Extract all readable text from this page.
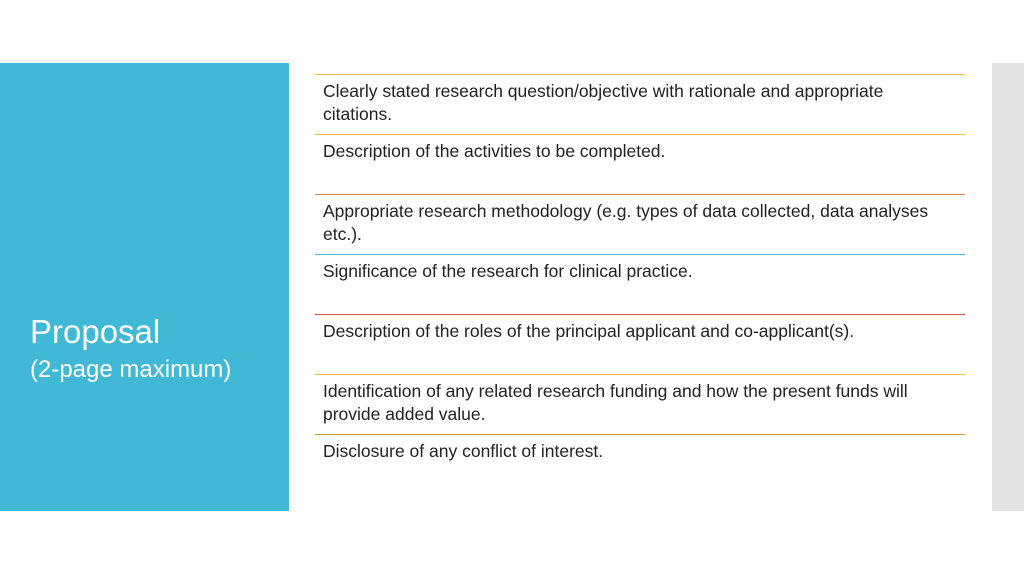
Proposal
(2-page maximum)
Clearly stated research question/objective with rationale and appropriate citations.
Description of the activities to be completed.
Appropriate research methodology (e.g. types of data collected, data analyses etc.).
Significance of the research for clinical practice.
Description of the roles of the principal applicant and co-applicant(s).
Identification of any related research funding and how the present funds will provide added value.
Disclosure of any conflict of interest.
